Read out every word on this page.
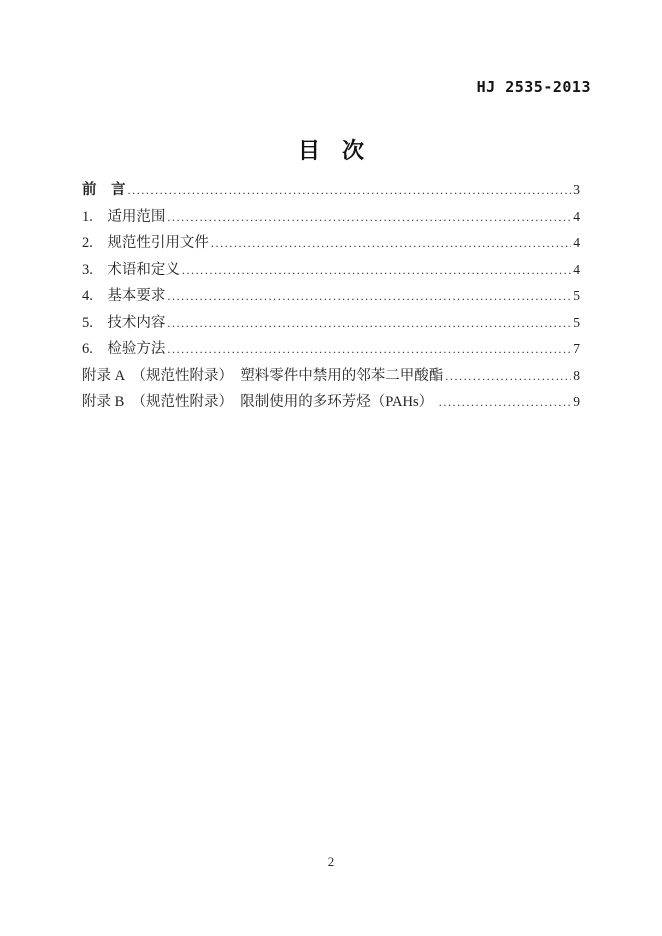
HJ 2535-2013
目　次
前　言 .....	3
1.    适用范围 .....	4
2.    规范性引用文件 .....	4
3.    术语和定义 .....	4
4.    基本要求 .....	5
5.    技术内容 .....	5
6.    检验方法 .....	7
附录 A　（规范性附录）　塑料零件中禁用的邻苯二甲酸酯 .....	8
附录 B　（规范性附录）　限制使用的多环芳烃（PAHs） .....	9
2
